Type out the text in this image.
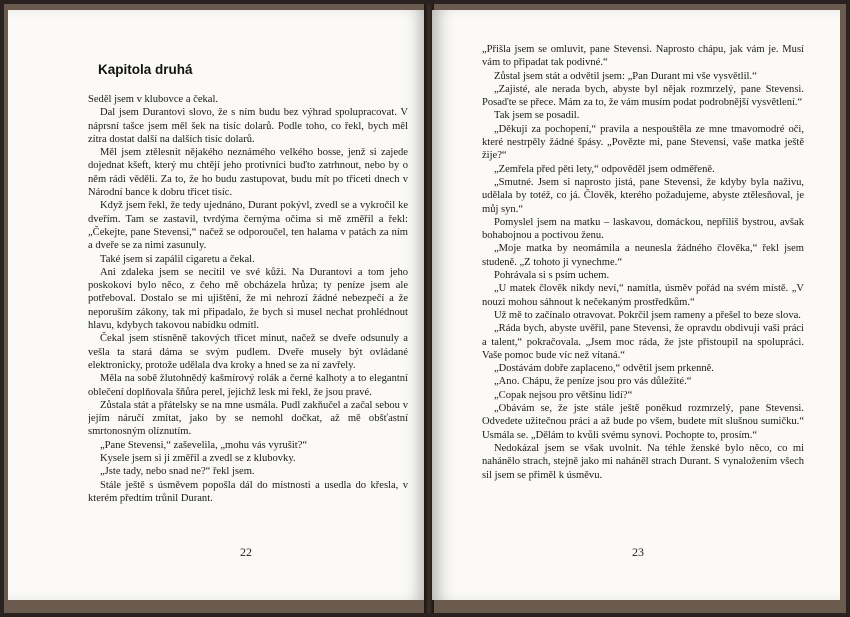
Kapitola druhá

Seděl jsem v klubovce a čekal.

Dal jsem Durantovi slovo, že s ním budu bez výhrad spolupracovat. V náprsní tašce jsem měl šek na tisíc dolarů. Podle toho, co řekl, bych měl zítra dostat další na dalších tisíc dolarů.

Měl jsem ztělesnit nějakého neznámého velkého bosse, jenž si zajede dojednat kšeft, který mu chtějí jeho protivníci buďto zatrhnout, nebo by o něm rádi věděli. Za to, že ho budu zastupovat, budu mít po třiceti dnech v Národní bance k dobru třicet tisíc.

Když jsem řekl, že tedy ujednáno, Durant pokývl, zvedl se a vykročil ke dveřím. Tam se zastavil, tvrdýma černýma očima si mě změřil a řekl: „Čekejte, pane Stevensi,“ načež se odporoučel, ten halama v patách za ním a dveře se za nimi zasunuly.

Také jsem si zapálil cigaretu a čekal.

Ani zdaleka jsem se necítil ve své kůži. Na Durantovi a tom jeho poskokovi bylo něco, z čeho mě obcházela hrůza; ty peníze jsem ale potřeboval. Dostalo se mi ujištění, že mi nehrozí žádné nebezpečí a že neporuším zákony, tak mi připadalo, že bych si musel nechat prohlédnout hlavu, kdybych takovou nabídku odmítl.

Čekal jsem stísněně takových třicet minut, načež se dveře odsunuly a vešla ta stará dáma se svým pudlem. Dveře museły být ovládané elektronicky, protože udělala dva kroky a hned se za ní zavřely.

Měla na sobě žlutohnědý kašmírový rolák a černé kalhoty a to elegantní oblečení doplňovala šňůra perel, jejichž lesk mi řekl, že jsou pravé.

Zůstala stát a přátelsky se na mne usmála. Pudl zakňučel a začal sebou v jejím náručí zmítat, jako by se nemohl dočkat, až mě obšťastní smrtonosným olíznutím.

„Pane Stevensi,“ zaševelila, „mohu vás vyrušit?“

Kysele jsem si ji změřil a zvedl se z klubovky.

„Jste tady, nebo snad ne?“ řekl jsem.

Stále ještě s úsměvem popošla dál do místnosti a usedla do křesla, v kterém předtím trůnil Durant.

22

„Přišla jsem se omluvit, pane Stevensi. Naprosto chápu, jak vám je. Musí vám to připadat tak podivné.“

Zůstal jsem stát a odvětil jsem: „Pan Durant mi vše vysvětlil.“

„Zajisté, ale nerada bych, abyste byl nějak rozmrzelý, pane Stevensi. Posaďte se přece. Mám za to, že vám musím podat podrobnější vysvětlení.“

Tak jsem se posadil.

„Děkuji za pochopení,“ pravila a nespouštěla ze mne tmavomodré oči, které nestrpěly žádné špásy. „Povězte mi, pane Stevensi, vaše matka ještě žije?“

„Zemřela před pěti lety,“ odpověděl jsem odměřeně.

„Smutné. Jsem si naprosto jistá, pane Stevensi, že kdyby byla naživu, udělala by totéž, co já. Člověk, kterého požadujeme, abyste ztělesňoval, je můj syn.“

Pomyslel jsem na matku – laskavou, domáckou, nepříliš bystrou, avšak bohabojnou a poctivou ženu.

„Moje matka by neomámila a neunesla žádného člověka,“ řekl jsem studeně. „Z tohoto ji vynechme.“

Pohrávala si s psím uchem.

„U matek člověk nikdy neví,“ namítla, úsměv pořád na svém místě. „V nouzi mohou sáhnout k nečekaným prostředkům.“

Už mě to začínalo otravovat. Pokrčil jsem rameny a přešel to beze slova.

„Ráda bych, abyste uvěřil, pane Stevensi, že opravdu obdivuji vaši práci a talent,“ pokračovala. „Jsem moc ráda, že jste přistoupil na spolupráci. Vaše pomoc bude víc než vítaná.“

„Dostávám dobře zaplaceno,“ odvětil jsem prkenně.

„Ano. Chápu, že peníze jsou pro vás důležité.“

„Copak nejsou pro většinu lidí?“

„Obávám se, že jste stále ještě poněkud rozmrzelý, pane Stevensi. Odvedete užitečnou práci a až bude po všem, budete mít slušnou sumičku.“ Usmála se. „Dělám to kvůli svému synovi. Pochopte to, prosím.“

Nedokázal jsem se však uvolnit. Na téhle ženské bylo něco, co mi nahánělo strach, stejně jako mi naháněl strach Durant. S vynaložením všech sil jsem se přiměl k úsměvu.

23
